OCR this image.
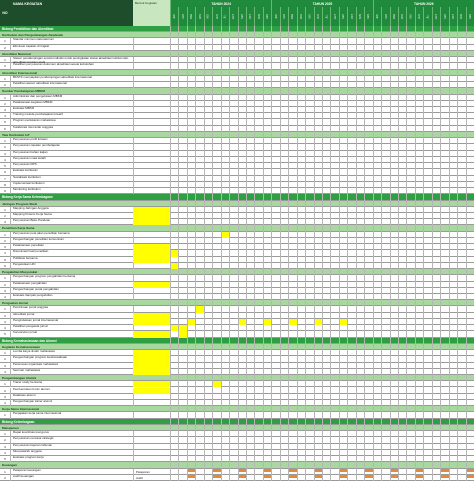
NO
NAMA KEGIATAN	Bentuk Kegiatan	TAHUN 2024	TAHUN 2025	TAHUN 2026
JAN FEB MAR APR MEI JUN JUL AGT SEP OKT NOV DES JAN FEB MAR APR MEI JUN JUL AGT SEP OKT NOV DES JAN FEB MAR APR MEI JUN JUL AGT SEP OKT NOV DES
Bidang Pendidikan dan Akreditasi
Kurikulum dan Pengembangan Akademik
1	Standar minimum laboratorium
2	Eliminasi capaian di tingkat
Akreditasi Nasional
1	Sistem pendampingan secara individu untuk peningkatan status akreditasi institusi dan akreditasi program studi
2	Pelatihan penyusunan dokumen akreditasi sesuai kebutuhan
Akreditasi Internasional
1	BKSTF menyiapkan pendampingan akreditasi internasional
2	Pelatihan asesor akreditasi internasional
Sumber Pembelajaran MBKM
1	Administrasi dan pengelolaan MBKM
2	Pelaksanaan kegiatan MBKM
3	Evaluasi MBKM
4	Training metode pembelajaran kreatif
5	Program pertukaran mahasiswa
6	Kolaborasi riset antar anggota
Tata Kurikulum IoT
1	Penyusunan profil lulusan
2	Penyusunan capaian pembelajaran
3	Penyusunan bahan kajian
4	Penyusunan mata kuliah
5	Penyusunan RPS
6	Evaluasi kurikulum
7	Sosialisasi kurikulum
8	Implementasi kurikulum
9	Monitoring kurikulum
Bidang Kerja Sama Kelembagaan
Jaringan Program Studi
1	Mapping Jaringan Anggota
2	Mapping Potensi Kerja Sama
3	Penyusunan Buku Panduan
Penelitian Kerja Sama
1	Penyusunan peta jalan penelitian bersama
2	Pengembangan penelitian konsorsium
3	Pelaksanaan penelitian
4	Diseminasi hasil penelitian
5	Publikasi bersama
6	Pengelolaan HKI
Pengabdian Masyarakat
1	Pengembangan program pengabdian bersama
2	Pelaksanaan pengabdian
3	Pengembangan pusat pengabdian
4	Evaluasi dampak pengabdian
Penguatan Jurnal
1	Pembinaan jurnal anggota
2	Akreditasi jurnal
3	Pengindeksan jurnal internasional
4	Pelatihan pengelola jurnal
5	Konsorsium jurnal
Bidang Kemahasiswaan dan Alumni
Kegiatan Kemahasiswaan
1	Lomba karya ilmiah mahasiswa
2	Pengembangan program kewirausahaan
3	Pertemuan organisasi mahasiswa
4	Seminar mahasiswa
Pengembangan Alumni
1	Tracer study bersama
2	Pembentukan forum alumni
3	Database alumni
4	Pengembangan karier alumni
Kerja Sama Internasional
1	Penjajakan kerja sama internasional
Bidang Kelembagaan
Manajemen
1	Rapat koordinasi pengurus
2	Penyusunan rencana strategis
3	Penyusunan laporan tahunan
4	Musyawarah anggota
5	Evaluasi program kerja
Keuangan
1	Pelaporan keuangan	Pelaporan
2	Audit keuangan	Audit
